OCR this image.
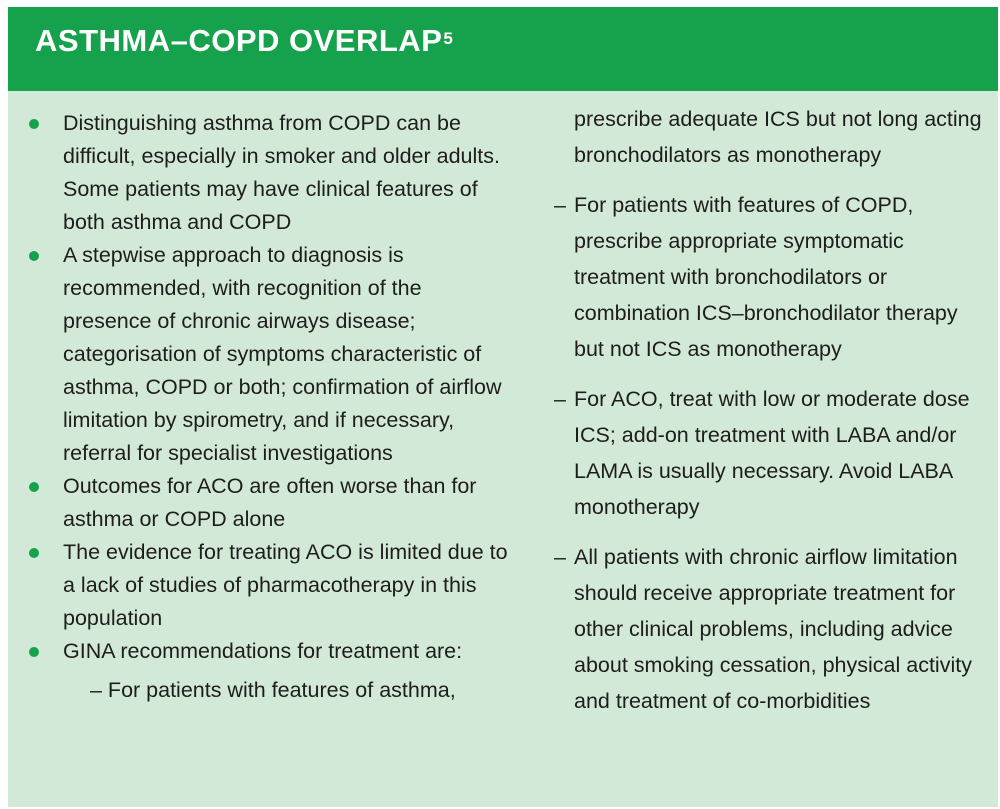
ASTHMA–COPD OVERLAP$^5$
Distinguishing asthma from COPD can be difficult, especially in smoker and older adults. Some patients may have clinical features of both asthma and COPD
A stepwise approach to diagnosis is recommended, with recognition of the presence of chronic airways disease; categorisation of symptoms characteristic of asthma, COPD or both; confirmation of airflow limitation by spirometry, and if necessary, referral for specialist investigations
Outcomes for ACO are often worse than for asthma or COPD alone
The evidence for treating ACO is limited due to a lack of studies of pharmacotherapy in this population
GINA recommendations for treatment are:
– For patients with features of asthma,
prescribe adequate ICS but not long acting bronchodilators as monotherapy
– For patients with features of COPD, prescribe appropriate symptomatic treatment with bronchodilators or combination ICS–bronchodilator therapy but not ICS as monotherapy
– For ACO, treat with low or moderate dose ICS; add-on treatment with LABA and/or LAMA is usually necessary. Avoid LABA monotherapy
– All patients with chronic airflow limitation should receive appropriate treatment for other clinical problems, including advice about smoking cessation, physical activity and treatment of co-morbidities
